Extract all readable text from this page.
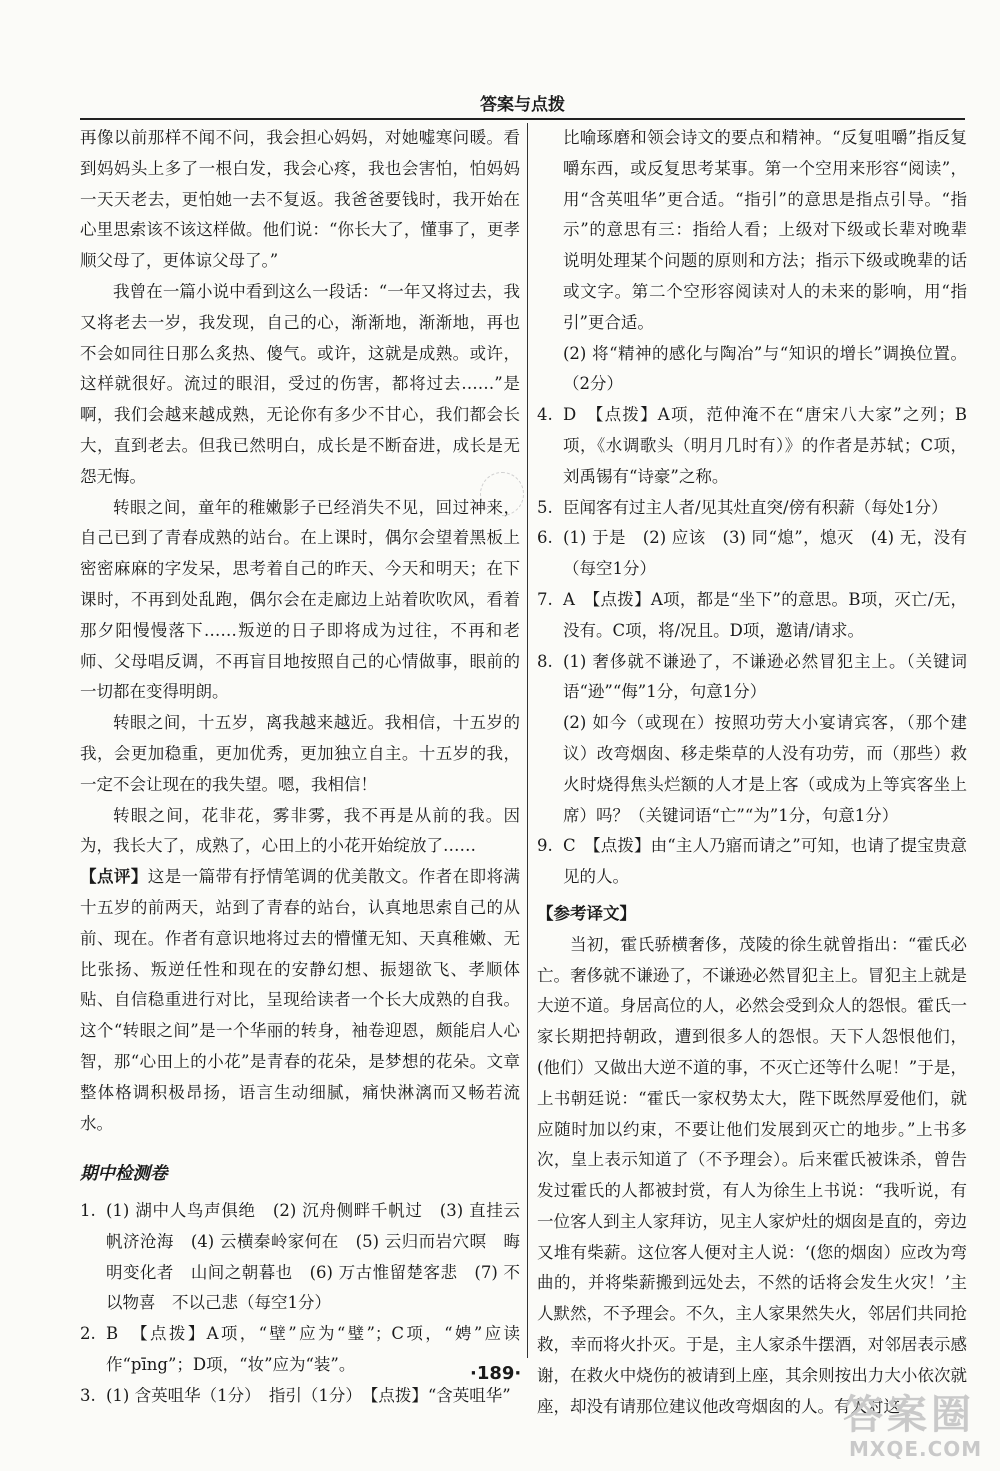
答案与点拨

再像以前那样不闻不问，我会担心妈妈，对她嘘寒问暖。看到妈妈头上多了一根白发，我会心疼，我也会害怕，怕妈妈一天天老去，更怕她一去不复返。我爸爸要钱时，我开始在心里思索该不该这样做。他们说：“你长大了，懂事了，更孝顺父母了，更体谅父母了。”

我曾在一篇小说中看到这么一段话：“一年又将过去，我又将老去一岁，我发现，自己的心，渐渐地，渐渐地，再也不会如同往日那么炙热、傻气。或许，这就是成熟。或许，这样就很好。流过的眼泪，受过的伤害，都将过去……”是啊，我们会越来越成熟，无论你有多少不甘心，我们都会长大，直到老去。但我已然明白，成长是不断奋进，成长是无怨无悔。

转眼之间，童年的稚嫩影子已经消失不见，回过神来，自己已到了青春成熟的站台。在上课时，偶尔会望着黑板上密密麻麻的字发呆，思考着自己的昨天、今天和明天；在下课时，不再到处乱跑，偶尔会在走廊边上站着吹吹风，看着那夕阳慢慢落下……叛逆的日子即将成为过往，不再和老师、父母唱反调，不再盲目地按照自己的心情做事，眼前的一切都在变得明朗。

转眼之间，十五岁，离我越来越近。我相信，十五岁的我，会更加稳重，更加优秀，更加独立自主。十五岁的我，一定不会让现在的我失望。嗯，我相信！

转眼之间，花非花，雾非雾，我不再是从前的我。因为，我长大了，成熟了，心田上的小花开始绽放了……

【点评】这是一篇带有抒情笔调的优美散文。作者在即将满十五岁的前两天，站到了青春的站台，认真地思索自己的从前、现在。作者有意识地将过去的懵懂无知、天真稚嫩、无比张扬、叛逆任性和现在的安静幻想、振翅欲飞、孝顺体贴、自信稳重进行对比，呈现给读者一个长大成熟的自我。这个“转眼之间”是一个华丽的转身，袖卷迎恩，颇能启人心智，那“心田上的小花”是青春的花朵，是梦想的花朵。文章整体格调积极昂扬，语言生动细腻，痛快淋漓而又畅若流水。

期中检测卷
1. (1) 湖中人鸟声俱绝　(2) 沉舟侧畔千帆过　(3) 直挂云帆济沧海　(4) 云横秦岭家何在　(5) 云归而岩穴暝　晦明变化者　山间之朝暮也　(6) 万古惟留楚客悲　(7) 不以物喜　不以己悲（每空1分）
2. B　【点拨】A项，“壁”应为“璧”；C项，“娉”应读作“pīng”；D项，“妆”应为“装”。
3. (1) 含英咀华（1分）　指引（1分）　【点拨】“含英咀华”

比喻琢磨和领会诗文的要点和精神。“反复咀嚼”指反复嚼东西，或反复思考某事。第一个空用来形容“阅读”，用“含英咀华”更合适。“指引”的意思是指点引导。“指示”的意思有三：指给人看；上级对下级或长辈对晚辈说明处理某个问题的原则和方法；指示下级或晚辈的话或文字。第二个空形容阅读对人的未来的影响，用“指引”更合适。

(2) 将“精神的感化与陶冶”与“知识的增长”调换位置。（2分）

4. D　【点拨】A项，范仲淹不在“唐宋八大家”之列；B项，《水调歌头（明月几时有）》的作者是苏轼；C项，刘禹锡有“诗豪”之称。
5. 臣闻客有过主人者/见其灶直突/傍有积薪（每处1分）
6. (1) 于是　(2) 应该　(3) 同“熄”，熄灭　(4) 无，没有（每空1分）
7. A　【点拨】A项，都是“坐下”的意思。B项，灭亡/无，没有。C项，将/况且。D项，邀请/请求。
8. (1) 奢侈就不谦逊了，不谦逊必然冒犯主上。（关键词语“逊”“侮”1分，句意1分）
(2) 如今（或现在）按照功劳大小宴请宾客，（那个建议）改弯烟囱、移走柴草的人没有功劳，而（那些）救火时烧得焦头烂额的人才是上客（或成为上等宾客坐上席）吗？（关键词语“亡”“为”1分，句意1分）
9. C　【点拨】由“主人乃寤而请之”可知，也请了提宝贵意见的人。
【参考译文】

当初，霍氏骄横奢侈，茂陵的徐生就曾指出：“霍氏必亡。奢侈就不谦逊了，不谦逊必然冒犯主上。冒犯主上就是大逆不道。身居高位的人，必然会受到众人的怨恨。霍氏一家长期把持朝政，遭到很多人的怨恨。天下人怨恨他们，(他们）又做出大逆不道的事，不灭亡还等什么呢！”于是，上书朝廷说：“霍氏一家权势太大，陛下既然厚爱他们，就应随时加以约束，不要让他们发展到灭亡的地步。”上书多次，皇上表示知道了（不予理会）。后来霍氏被诛杀，曾告发过霍氏的人都被封赏，有人为徐生上书说：“我听说，有一位客人到主人家拜访，见主人家炉灶的烟囱是直的，旁边又堆有柴薪。这位客人便对主人说：‘(您的烟囱）应改为弯曲的，并将柴薪搬到远处去，不然的话将会发生火灾！’主人默然，不予理会。不久，主人家果然失火，邻居们共同抢救，幸而将火扑灭。于是，主人家杀牛摆酒，对邻居表示感谢，在救火中烧伤的被请到上座，其余则按出力大小依次就座，却没有请那位建议他改弯烟囱的人。有人对这

·189·
答案圈
MXQE.COM
